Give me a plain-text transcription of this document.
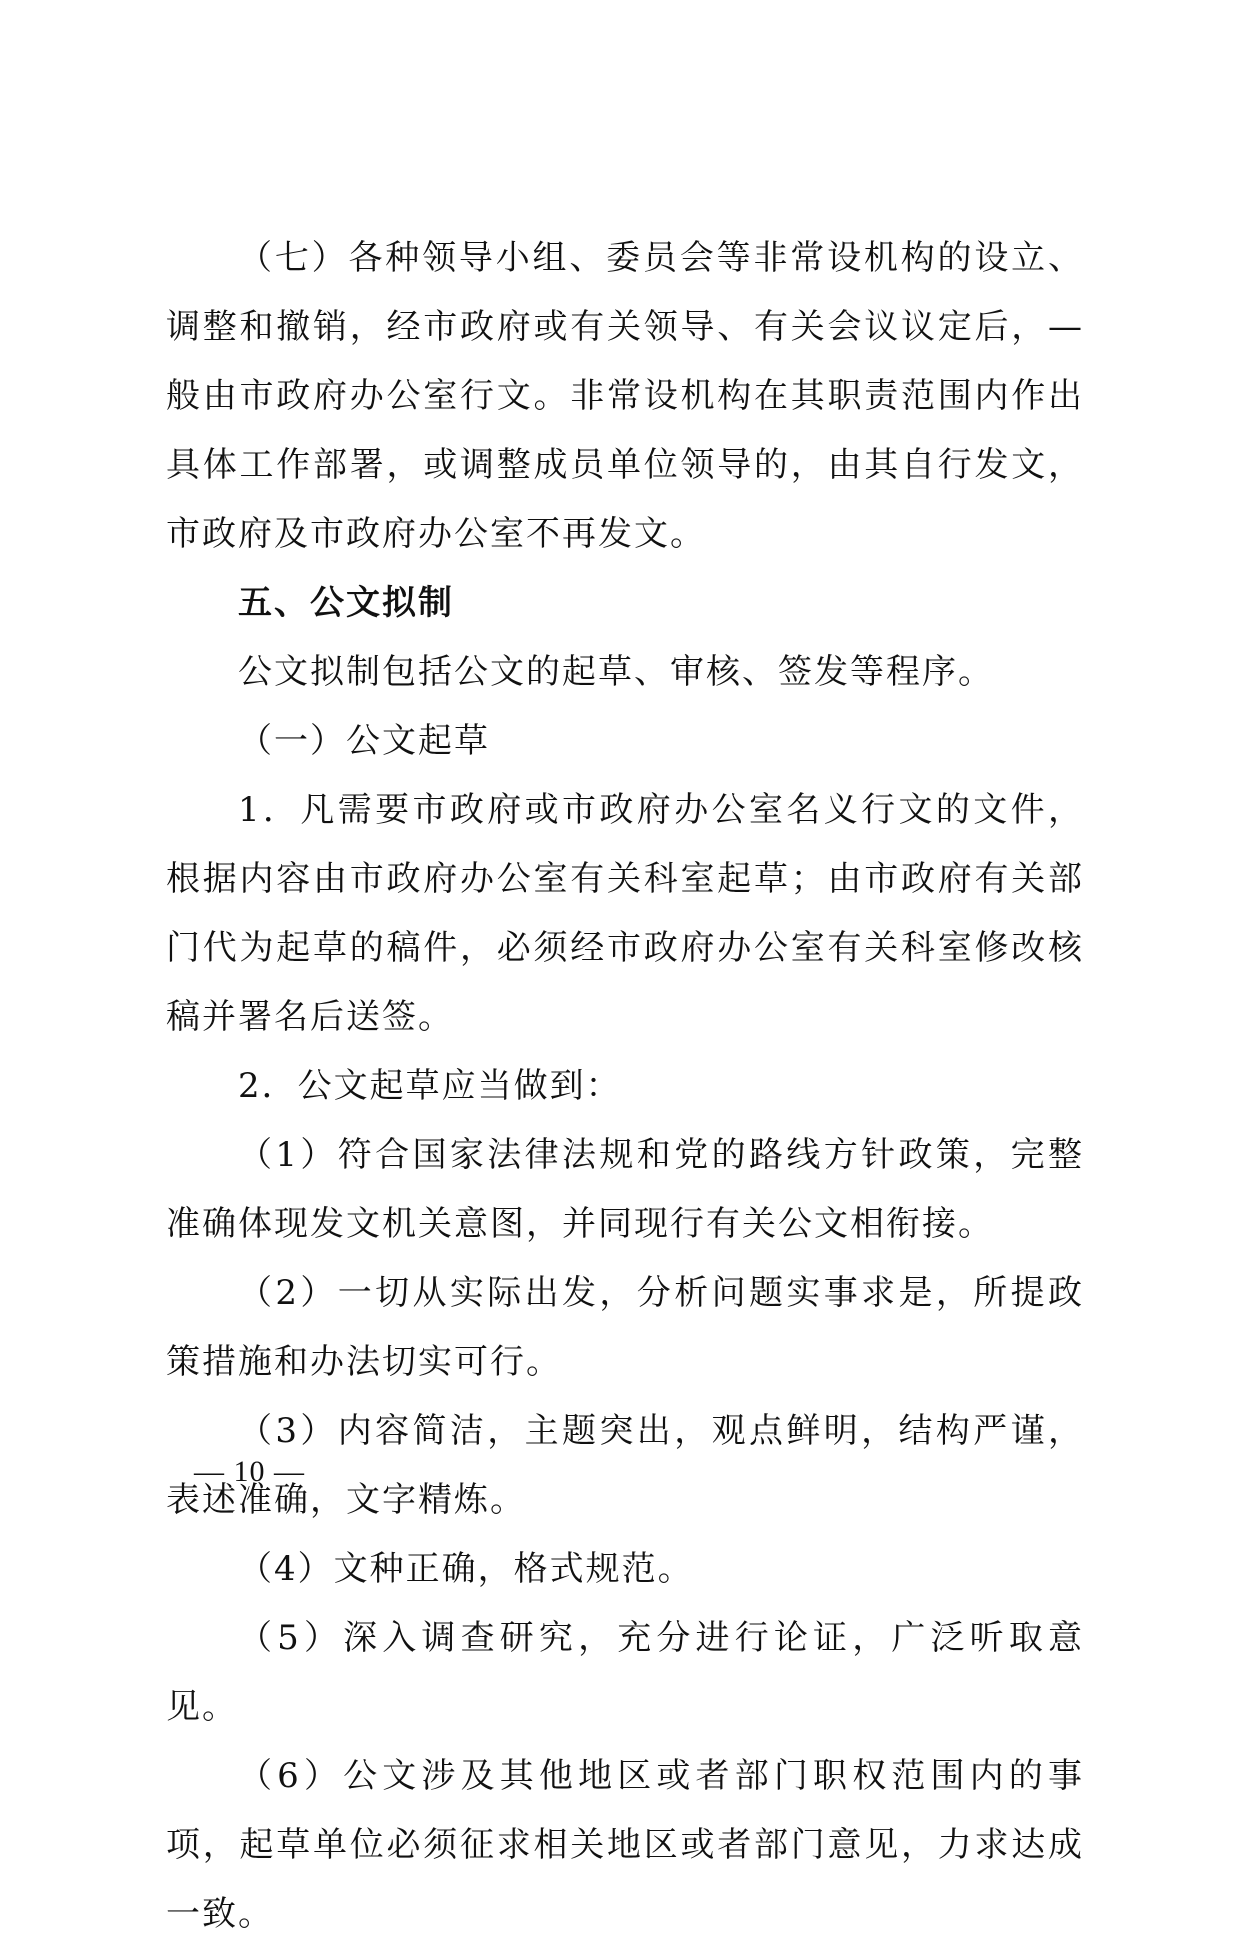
（七）各种领导小组、委员会等非常设机构的设立、调整和撤销，经市政府或有关领导、有关会议议定后，—般由市政府办公室行文。非常设机构在其职责范围内作出具体工作部署，或调整成员单位领导的，由其自行发文，市政府及市政府办公室不再发文。

五、公文拟制

公文拟制包括公文的起草、审核、签发等程序。

（一）公文起草

1．凡需要市政府或市政府办公室名义行文的文件，根据内容由市政府办公室有关科室起草；由市政府有关部门代为起草的稿件，必须经市政府办公室有关科室修改核稿并署名后送签。

2．公文起草应当做到：

（1）符合国家法律法规和党的路线方针政策，完整准确体现发文机关意图，并同现行有关公文相衔接。

（2）一切从实际出发，分析问题实事求是，所提政策措施和办法切实可行。

（3）内容简洁，主题突出，观点鲜明，结构严谨，表述准确，文字精炼。

（4）文种正确，格式规范。

（5）深入调查研究，充分进行论证，广泛听取意见。

（6）公文涉及其他地区或者部门职权范围内的事项，起草单位必须征求相关地区或者部门意见，力求达成一致。

— 10 —
